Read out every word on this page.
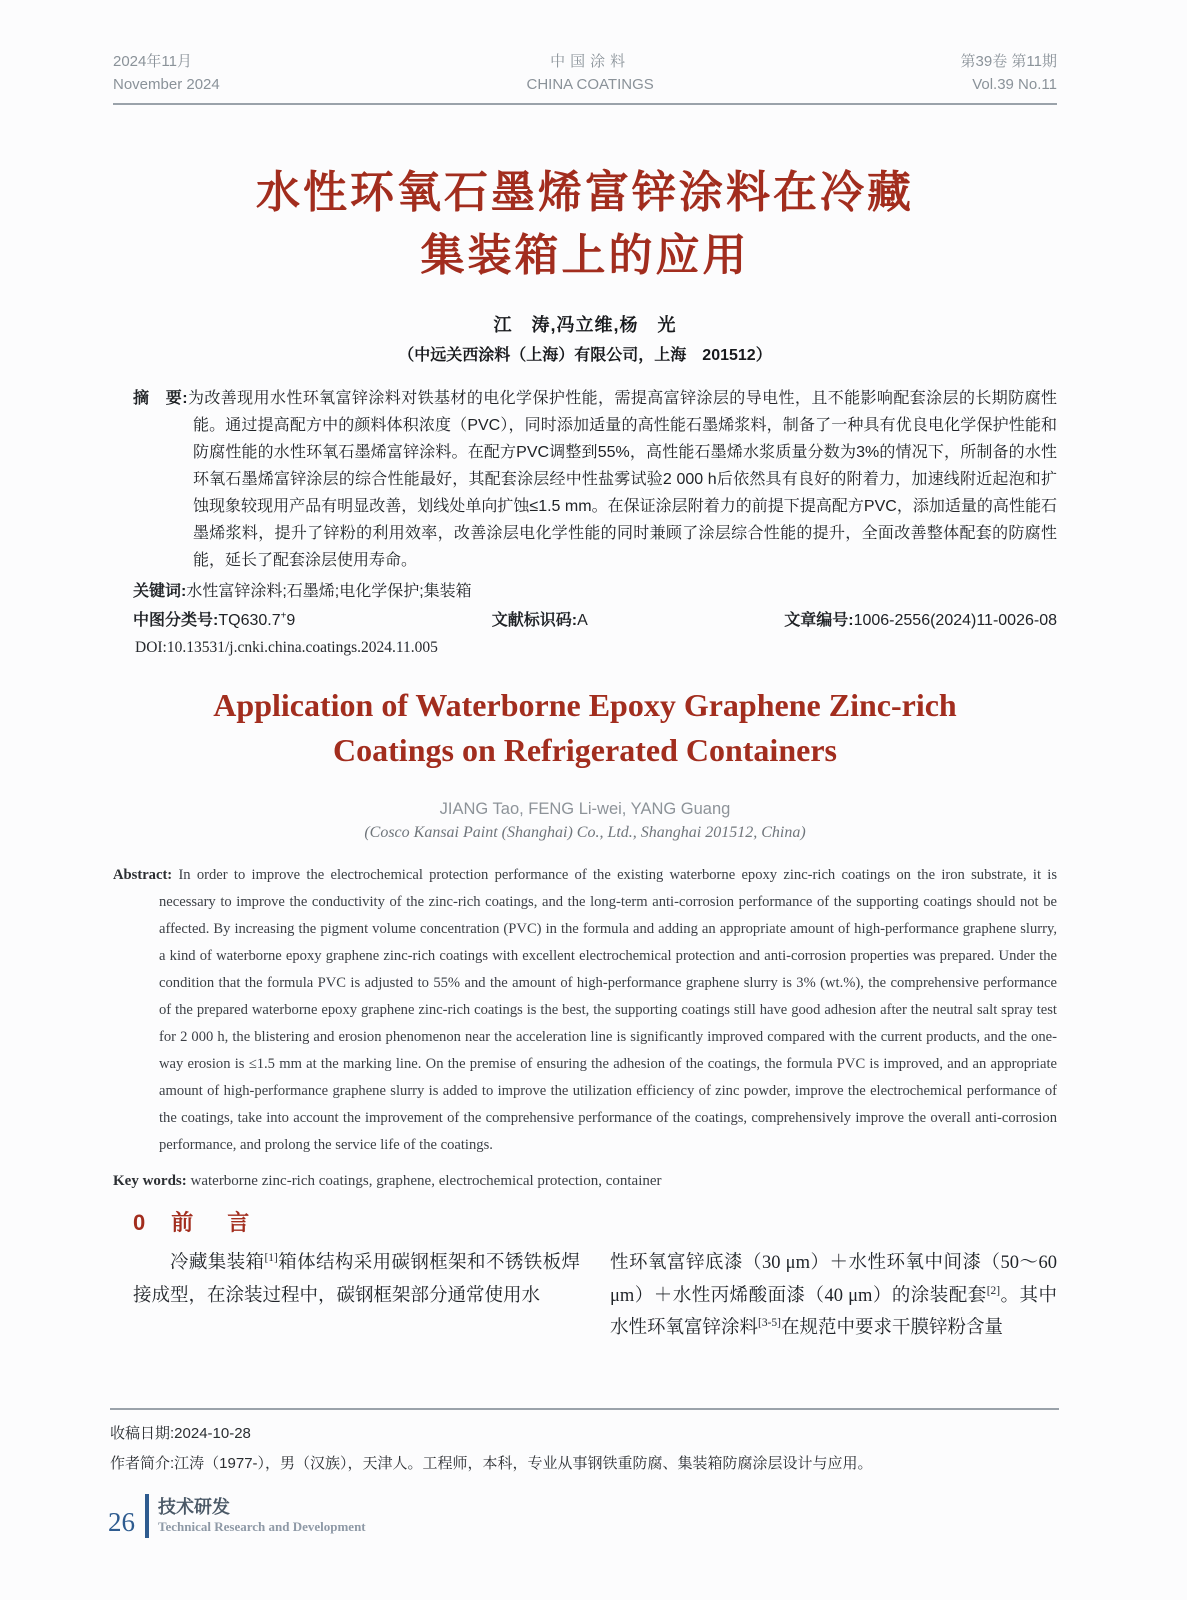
2024年11月
November 2024
中国涂料
CHINA COATINGS
第39卷 第11期
Vol.39 No.11
水性环氧石墨烯富锌涂料在冷藏
集装箱上的应用
江　涛,冯立维,杨　光
（中远关西涂料（上海）有限公司，上海　201512）

摘　要:为改善现用水性环氧富锌涂料对铁基材的电化学保护性能，需提高富锌涂层的导电性，且不能影响配套涂层的长期防腐性能。通过提高配方中的颜料体积浓度（PVC），同时添加适量的高性能石墨烯浆料，制备了一种具有优良电化学保护性能和防腐性能的水性环氧石墨烯富锌涂料。在配方PVC调整到55%，高性能石墨烯水浆质量分数为3%的情况下，所制备的水性环氧石墨烯富锌涂层的综合性能最好，其配套涂层经中性盐雾试验2 000 h后依然具有良好的附着力，加速线附近起泡和扩蚀现象较现用产品有明显改善，划线处单向扩蚀≤1.5 mm。在保证涂层附着力的前提下提高配方PVC，添加适量的高性能石墨烯浆料，提升了锌粉的利用效率，改善涂层电化学性能的同时兼顾了涂层综合性能的提升，全面改善整体配套的防腐性能，延长了配套涂层使用寿命。

关键词:水性富锌涂料;石墨烯;电化学保护;集装箱

中图分类号:TQ630.7+9	文献标识码:A	文章编号:1006-2556(2024)11-0026-08
DOI:10.13531/j.cnki.china.coatings.2024.11.005
Application of Waterborne Epoxy Graphene Zinc-rich
Coatings on Refrigerated Containers
JIANG Tao, FENG Li-wei, YANG Guang
(Cosco Kansai Paint (Shanghai) Co., Ltd., Shanghai 201512, China)

Abstract: In order to improve the electrochemical protection performance of the existing waterborne epoxy zinc-rich coatings on the iron substrate, it is necessary to improve the conductivity of the zinc-rich coatings, and the long-term anti-corrosion performance of the supporting coatings should not be affected. By increasing the pigment volume concentration (PVC) in the formula and adding an appropriate amount of high-performance graphene slurry, a kind of waterborne epoxy graphene zinc-rich coatings with excellent electrochemical protection and anti-corrosion properties was prepared. Under the condition that the formula PVC is adjusted to 55% and the amount of high-performance graphene slurry is 3% (wt.%), the comprehensive performance of the prepared waterborne epoxy graphene zinc-rich coatings is the best, the supporting coatings still have good adhesion after the neutral salt spray test for 2 000 h, the blistering and erosion phenomenon near the acceleration line is significantly improved compared with the current products, and the one-way erosion is ≤1.5 mm at the marking line. On the premise of ensuring the adhesion of the coatings, the formula PVC is improved, and an appropriate amount of high-performance graphene slurry is added to improve the utilization efficiency of zinc powder, improve the electrochemical performance of the coatings, take into account the improvement of the comprehensive performance of the coatings, comprehensively improve the overall anti-corrosion performance, and prolong the service life of the coatings.

Key words: waterborne zinc-rich coatings, graphene, electrochemical protection, container

0 前　言

冷藏集装箱[1]箱体结构采用碳钢框架和不锈铁板焊接成型，在涂装过程中，碳钢框架部分通常使用水

性环氧富锌底漆（30 μm）＋水性环氧中间漆（50～60 μm）＋水性丙烯酸面漆（40 μm）的涂装配套[2]。其中水性环氧富锌涂料[3-5]在规范中要求干膜锌粉含量

收稿日期:2024-10-28
作者简介:江涛（1977-），男（汉族），天津人。工程师，本科，专业从事钢铁重防腐、集装箱防腐涂层设计与应用。
26 技术研发
Technical Research and Development
